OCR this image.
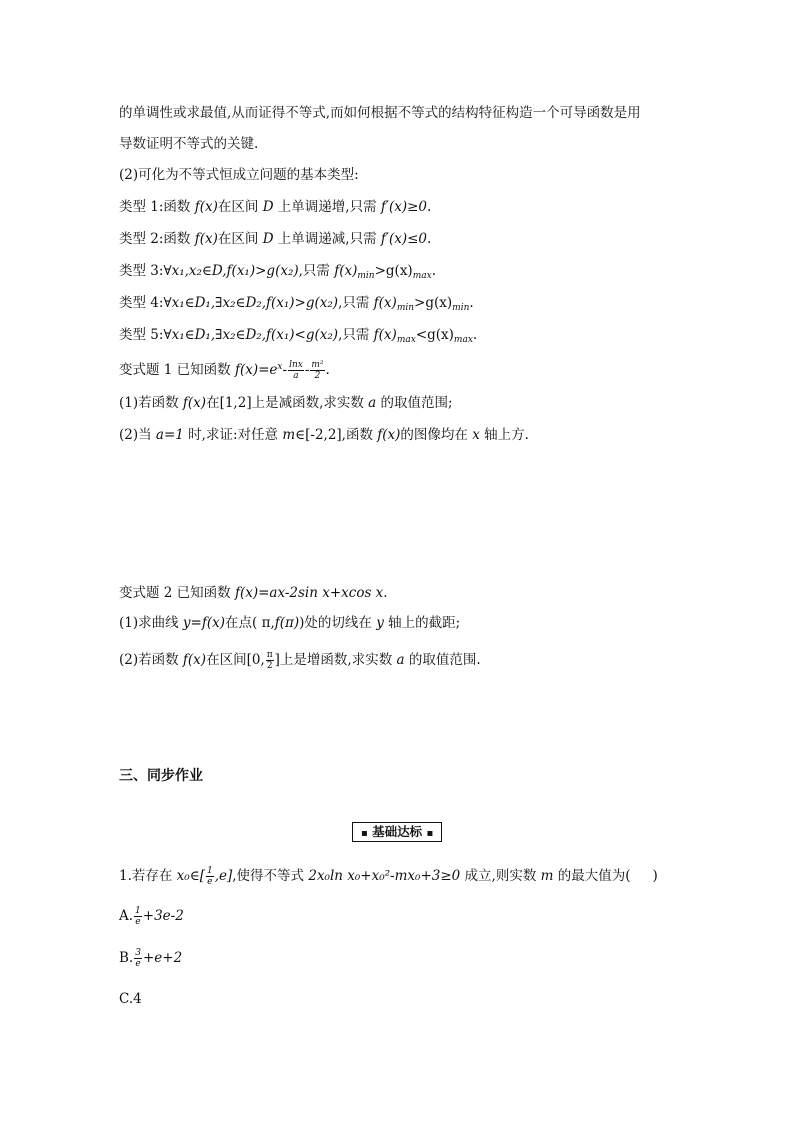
的单调性或求最值,从而证得不等式,而如何根据不等式的结构特征构造一个可导函数是用
导数证明不等式的关键.
(2)可化为不等式恒成立问题的基本类型:
类型 1:函数 f(x)在区间 D 上单调递增,只需 f′(x)≥0.
类型 2:函数 f(x)在区间 D 上单调递减,只需 f′(x)≤0.
类型 3:∀x₁,x₂∈D,f(x₁)>g(x₂),只需 $f(x)_{min}>g(x)_{max}$.
类型 4:∀x₁∈D₁,∃x₂∈D₂,f(x₁)>g(x₂),只需 $f(x)_{min}>g(x)_{min}$.
类型 5:∀x₁∈D₁,∃x₂∈D₂,f(x₁)<g(x₂),只需 $f(x)_{max}<g(x)_{max}$.
变式题 1 已知函数 $f(x)=e^x- \frac{\ln x}{a} - \frac{\text{m²}}{2}$ .
(1)若函数 f(x)在[1,2]上是减函数,求实数 a 的取值范围;
(2)当 a=1 时,求证:对任意 m∈[-2,2],函数 f(x)的图像均在 x 轴上方.
变式题 2 已知函数 f(x)=ax-2sin x+xcos x.
(1)求曲线 y=f(x)在点( π,f(π))处的切线在 y 轴上的截距;
(2)若函数 f(x)在区间[0, $\frac{\pi}{2}$ ]上是增函数,求实数 a 的取值范围.
三、同步作业
▪ 基础达标 ▪
1.若存在 x₀∈[ $\frac{1}{e} ,e$],使得不等式 2x₀ln x₀+x₀²-mx₀+3≥0 成立,则实数 m 的最大值为( )
A. $\frac{1}{e} +3e-2$
B. $\frac{3}{e} +e+2$
C.4
